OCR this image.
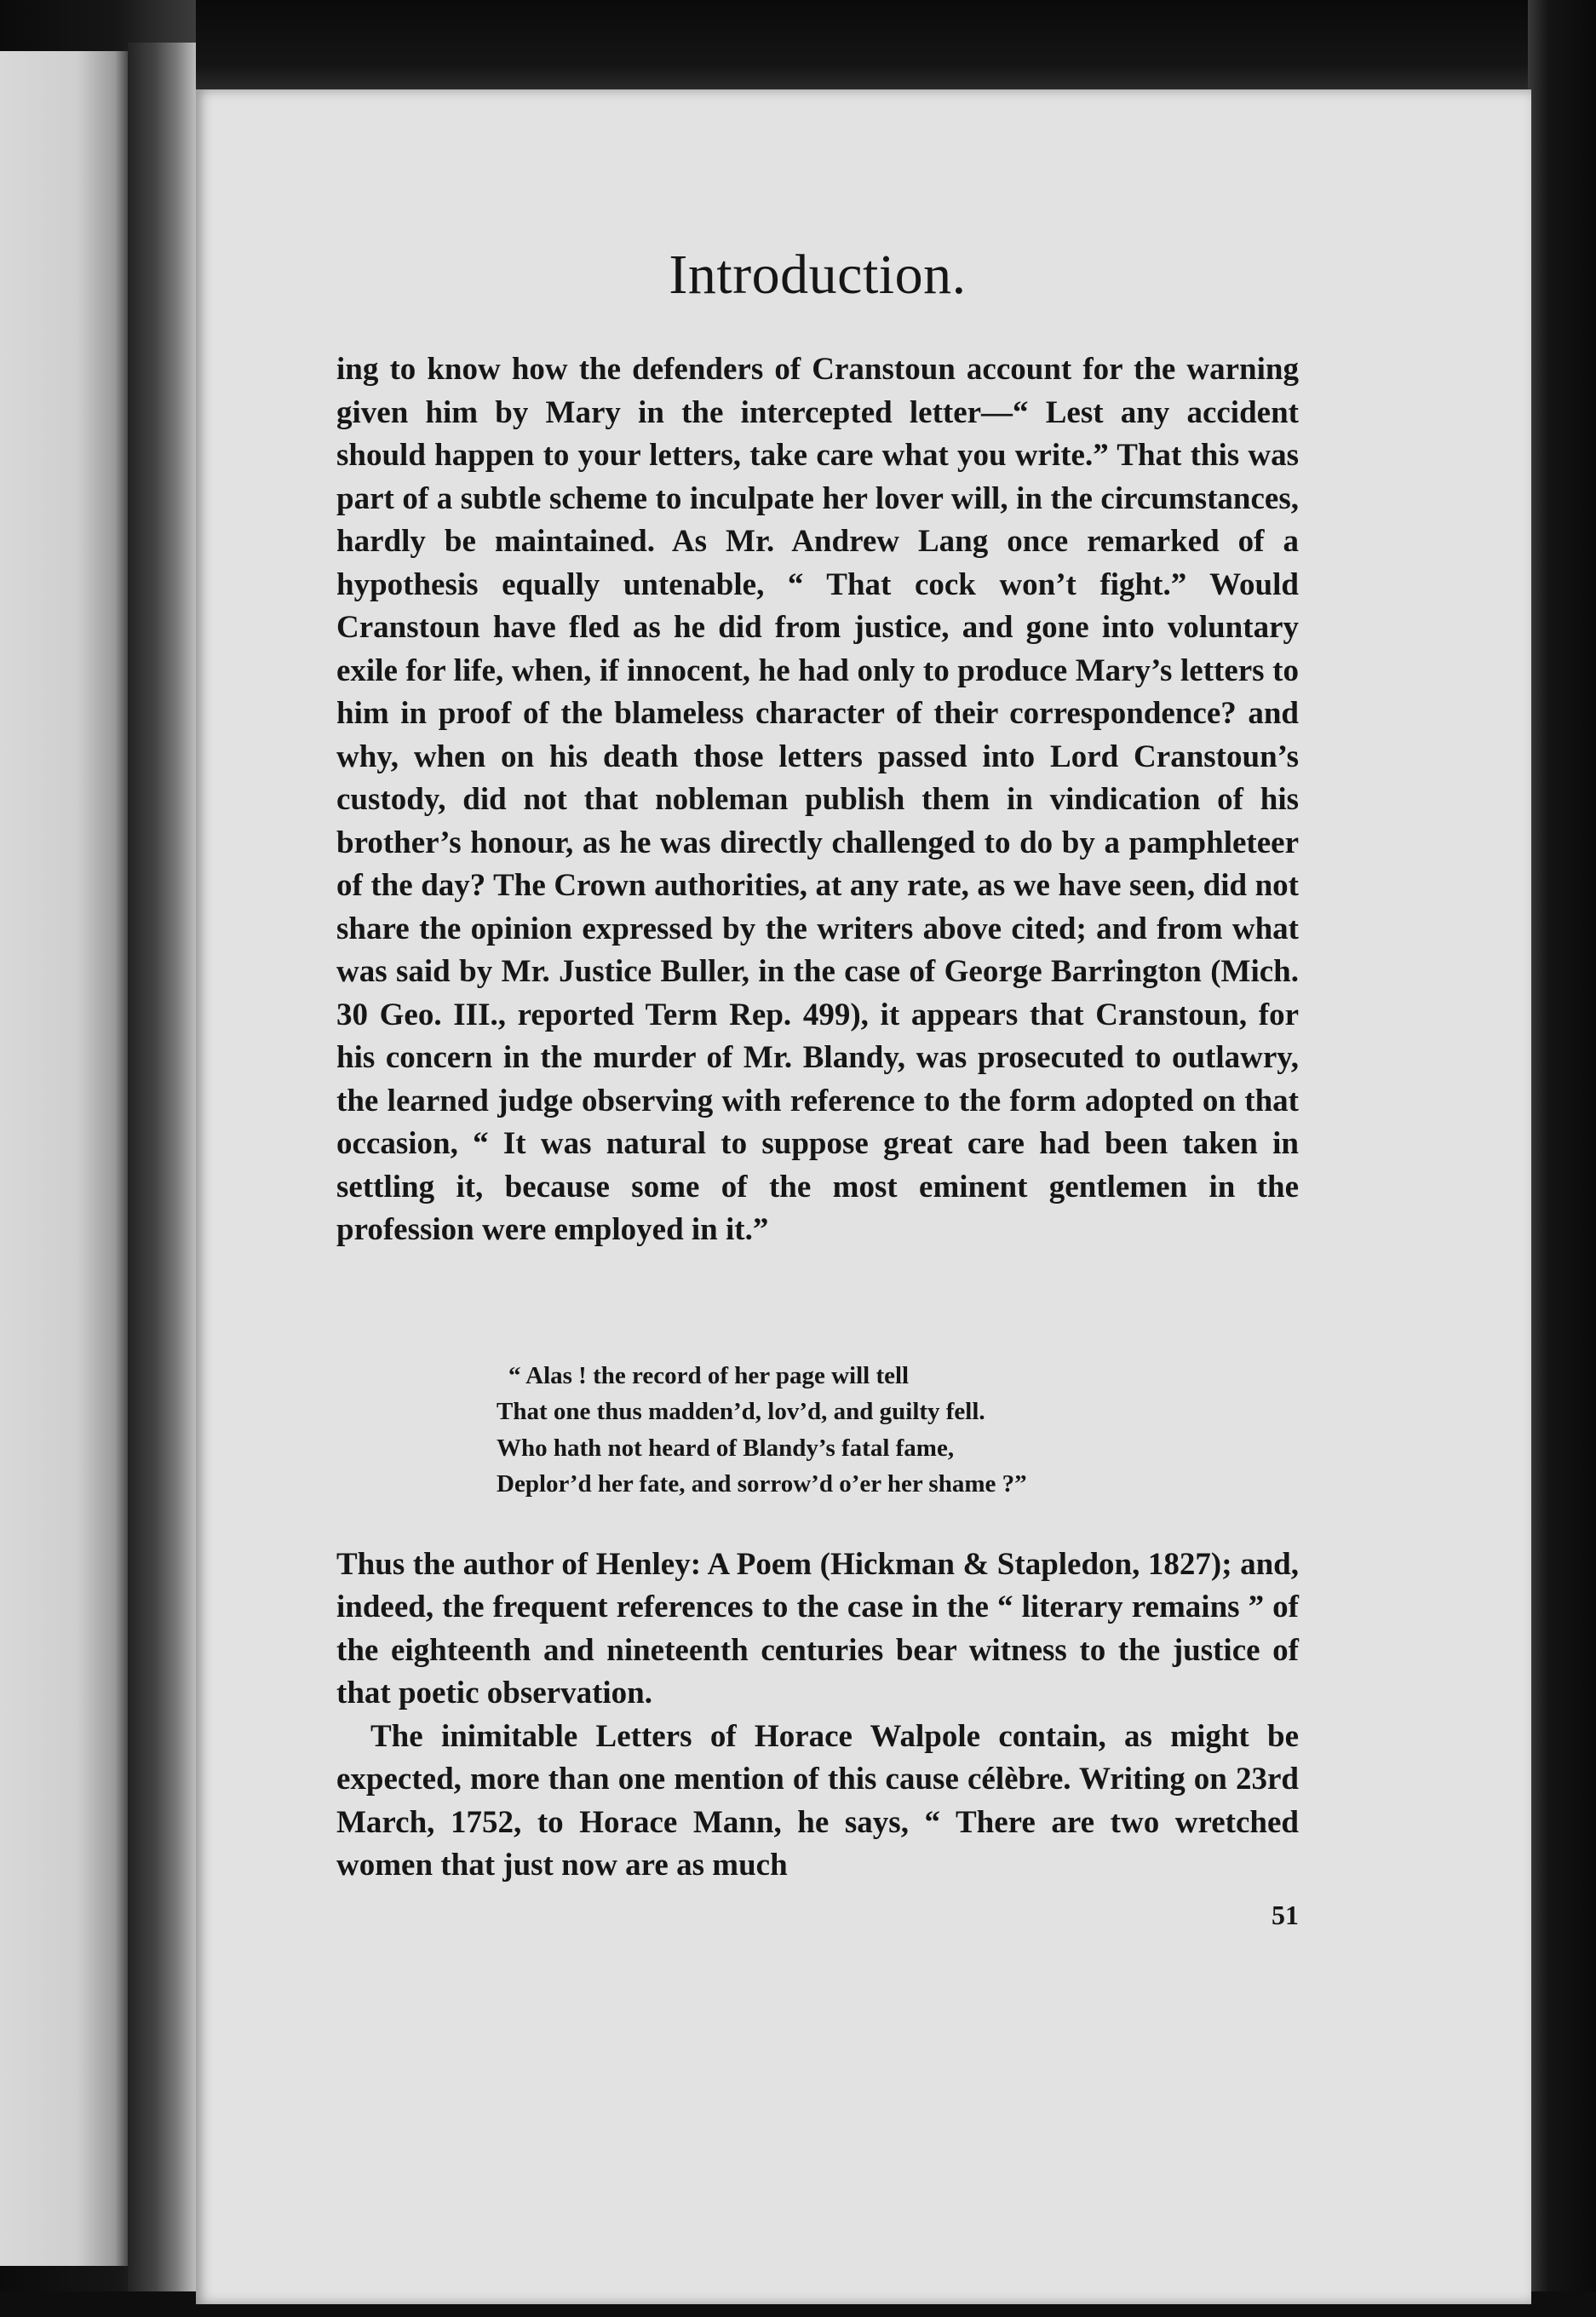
Introduction.

ing to know how the defenders of Cranstoun account for the warning given him by Mary in the intercepted letter—“ Lest any accident should happen to your letters, take care what you write.” That this was part of a subtle scheme to inculpate her lover will, in the circumstances, hardly be maintained. As Mr. Andrew Lang once remarked of a hypothesis equally untenable, “ That cock won’t fight.” Would Cranstoun have fled as he did from justice, and gone into voluntary exile for life, when, if innocent, he had only to produce Mary’s letters to him in proof of the blameless character of their correspondence? and why, when on his death those letters passed into Lord Cranstoun’s custody, did not that nobleman publish them in vindication of his brother’s honour, as he was directly challenged to do by a pamphleteer of the day? The Crown authorities, at any rate, as we have seen, did not share the opinion expressed by the writers above cited; and from what was said by Mr. Justice Buller, in the case of George Barrington (Mich. 30 Geo. III., reported Term Rep. 499), it appears that Cranstoun, for his concern in the murder of Mr. Blandy, was prosecuted to outlawry, the learned judge observing with reference to the form adopted on that occasion, “ It was natural to suppose great care had been taken in settling it, because some of the most eminent gentlemen in the profession were employed in it.”

“ Alas ! the record of her page will tell
That one thus madden’d, lov’d, and guilty fell.
Who hath not heard of Blandy’s fatal fame,
Deplor’d her fate, and sorrow’d o’er her shame ?”

Thus the author of Henley: A Poem (Hickman & Stapledon, 1827); and, indeed, the frequent references to the case in the “ literary remains ” of the eighteenth and nineteenth centuries bear witness to the justice of that poetic observation.

The inimitable Letters of Horace Walpole contain, as might be expected, more than one mention of this cause célèbre. Writing on 23rd March, 1752, to Horace Mann, he says, “ There are two wretched women that just now are as much

51
